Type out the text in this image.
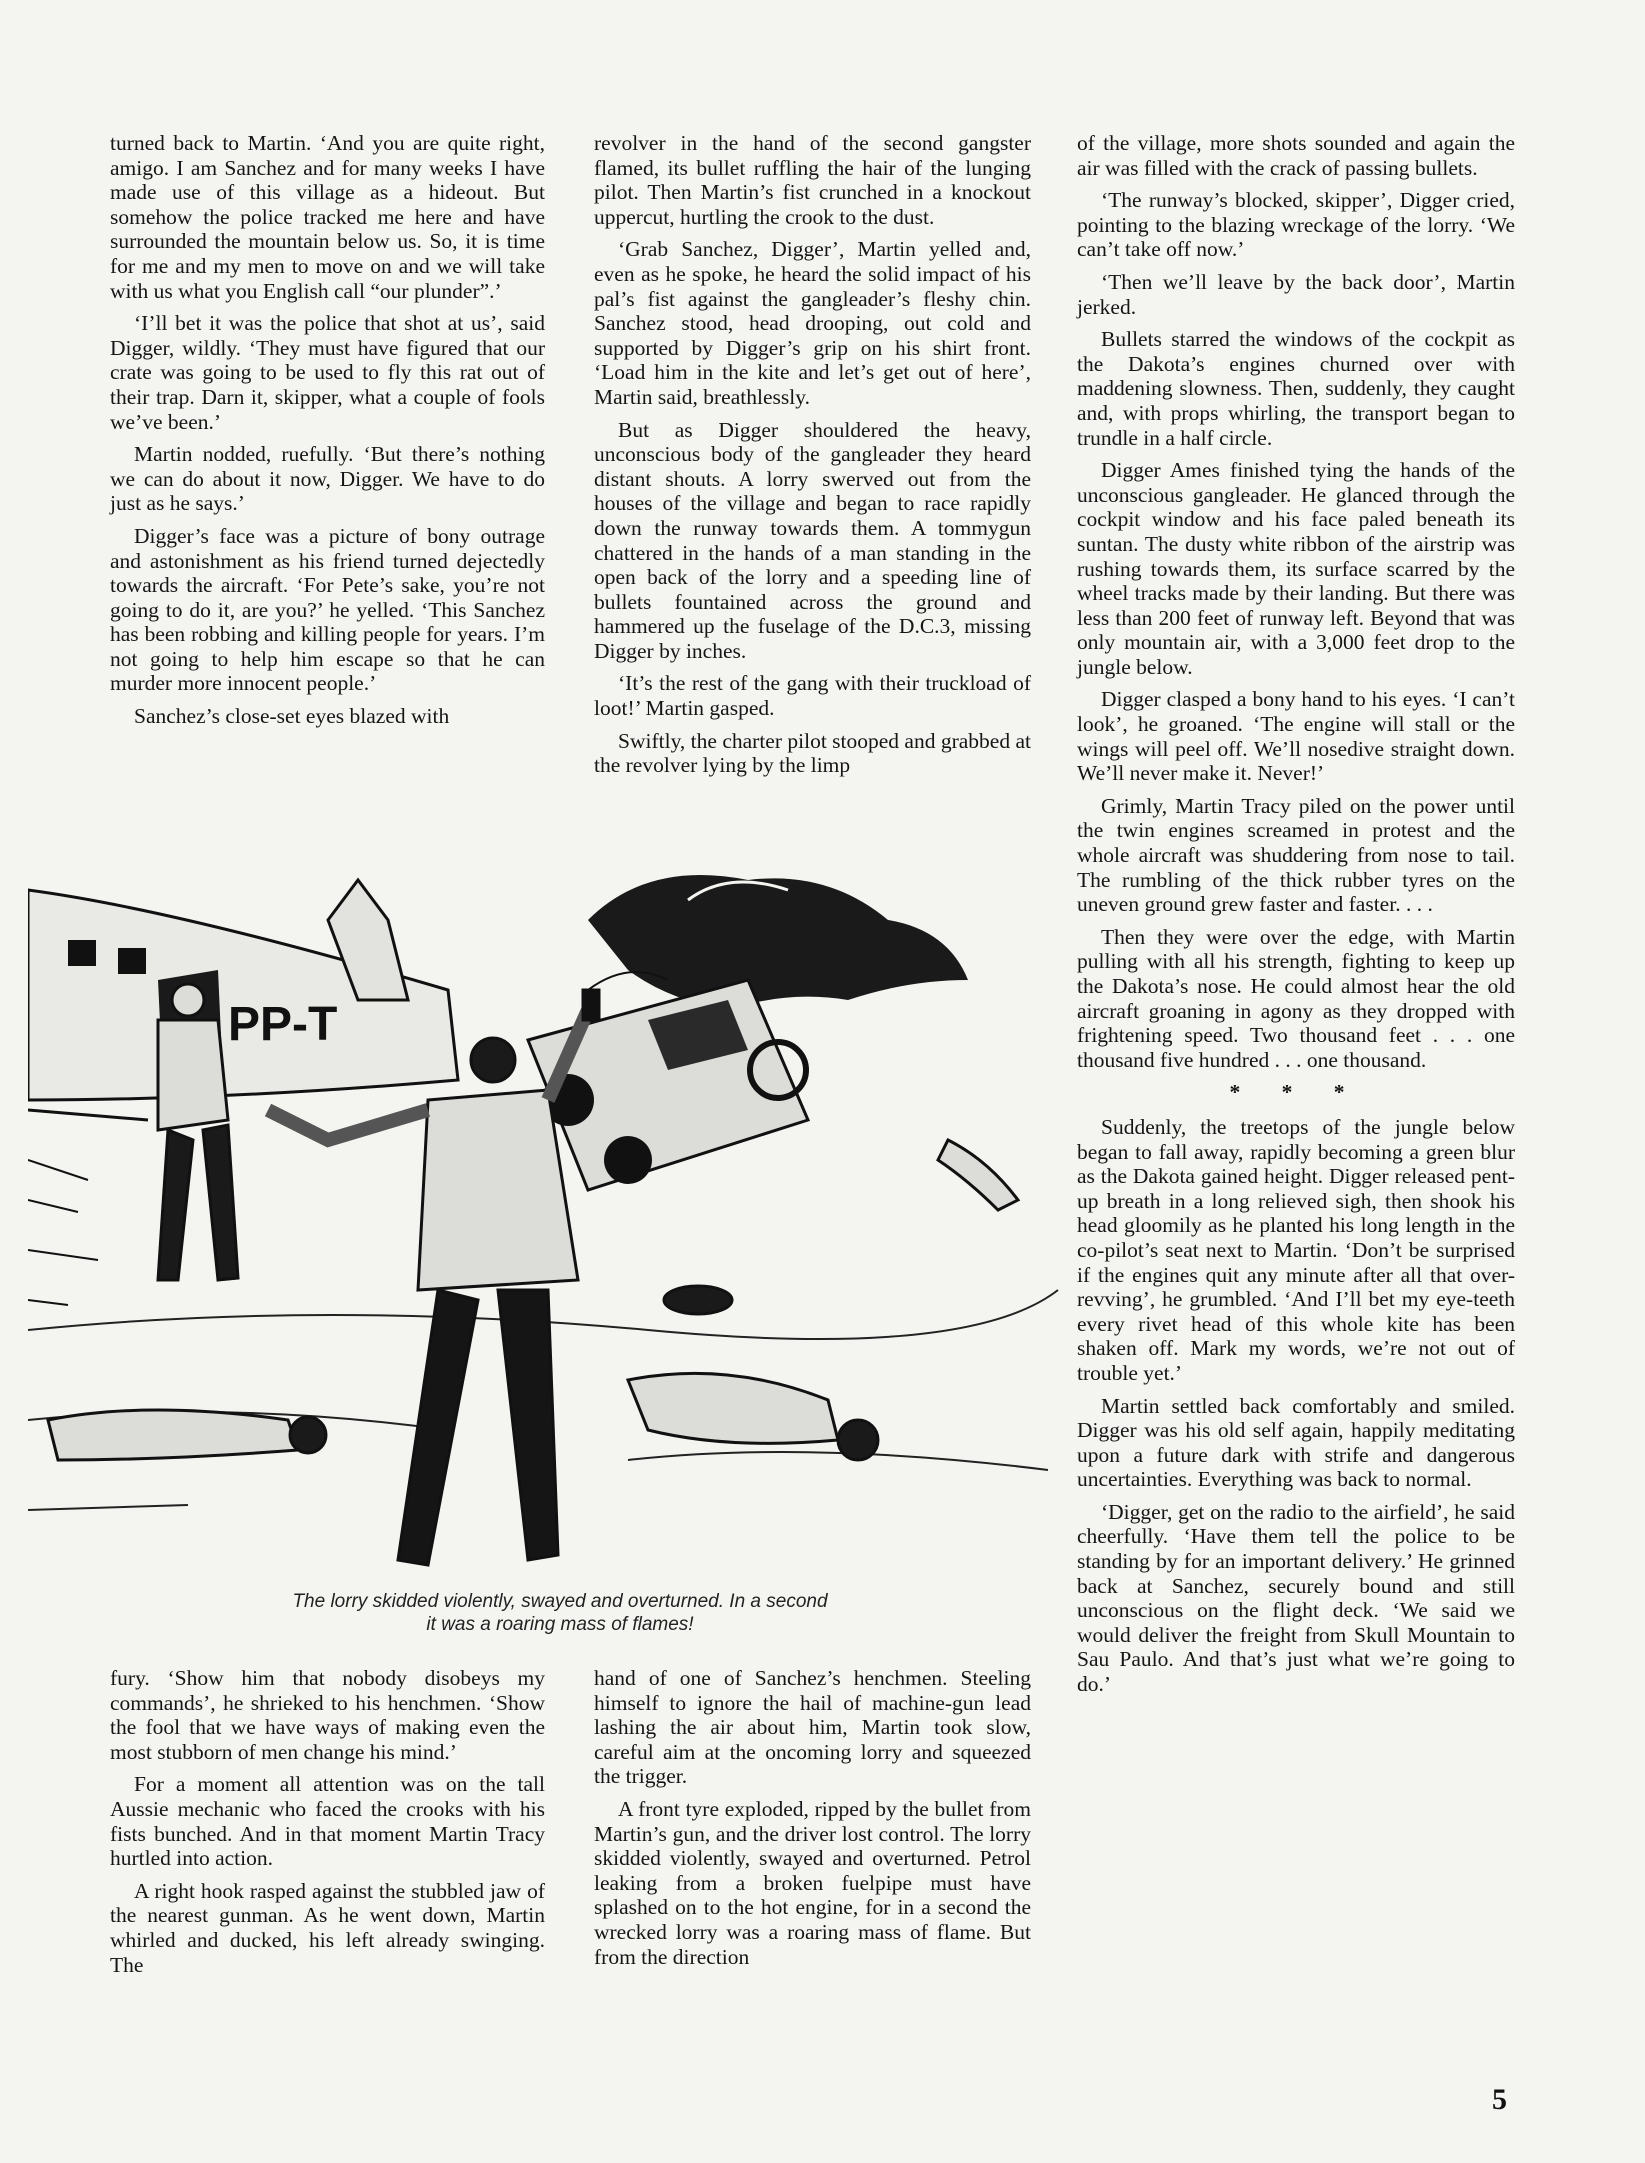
turned back to Martin. ‘And you are quite right, amigo. I am Sanchez and for many weeks I have made use of this village as a hideout. But somehow the police tracked me here and have surrounded the mountain below us. So, it is time for me and my men to move on and we will take with us what you English call “our plunder”.’

‘I’ll bet it was the police that shot at us’, said Digger, wildly. ‘They must have figured that our crate was going to be used to fly this rat out of their trap. Darn it, skipper, what a couple of fools we’ve been.’

Martin nodded, ruefully. ‘But there’s nothing we can do about it now, Digger. We have to do just as he says.’

Digger’s face was a picture of bony outrage and astonishment as his friend turned dejectedly towards the aircraft. ‘For Pete’s sake, you’re not going to do it, are you?’ he yelled. ‘This Sanchez has been robbing and killing people for years. I’m not going to help him escape so that he can murder more innocent people.’

Sanchez’s close-set eyes blazed with

revolver in the hand of the second gangster flamed, its bullet ruffling the hair of the lunging pilot. Then Martin’s fist crunched in a knockout uppercut, hurtling the crook to the dust.

‘Grab Sanchez, Digger’, Martin yelled and, even as he spoke, he heard the solid impact of his pal’s fist against the gangleader’s fleshy chin. Sanchez stood, head drooping, out cold and supported by Digger’s grip on his shirt front. ‘Load him in the kite and let’s get out of here’, Martin said, breathlessly.

But as Digger shouldered the heavy, unconscious body of the gangleader they heard distant shouts. A lorry swerved out from the houses of the village and began to race rapidly down the runway towards them. A tommygun chattered in the hands of a man standing in the open back of the lorry and a speeding line of bullets fountained across the ground and hammered up the fuselage of the D.C.3, missing Digger by inches.

‘It’s the rest of the gang with their truckload of loot!’ Martin gasped.

Swiftly, the charter pilot stooped and grabbed at the revolver lying by the limp

of the village, more shots sounded and again the air was filled with the crack of passing bullets.

‘The runway’s blocked, skipper’, Digger cried, pointing to the blazing wreckage of the lorry. ‘We can’t take off now.’

‘Then we’ll leave by the back door’, Martin jerked.

Bullets starred the windows of the cockpit as the Dakota’s engines churned over with maddening slowness. Then, suddenly, they caught and, with props whirling, the transport began to trundle in a half circle.

Digger Ames finished tying the hands of the unconscious gangleader. He glanced through the cockpit window and his face paled beneath its suntan. The dusty white ribbon of the airstrip was rushing towards them, its surface scarred by the wheel tracks made by their landing. But there was less than 200 feet of runway left. Beyond that was only mountain air, with a 3,000 feet drop to the jungle below.

Digger clasped a bony hand to his eyes. ‘I can’t look’, he groaned. ‘The engine will stall or the wings will peel off. We’ll nosedive straight down. We’ll never make it. Never!’

Grimly, Martin Tracy piled on the power until the twin engines screamed in protest and the whole aircraft was shuddering from nose to tail. The rumbling of the thick rubber tyres on the uneven ground grew faster and faster. . . .

Then they were over the edge, with Martin pulling with all his strength, fighting to keep up the Dakota’s nose. He could almost hear the old aircraft groaning in agony as they dropped with frightening speed. Two thousand feet . . . one thousand five hundred . . . one thousand.

* * *

Suddenly, the treetops of the jungle below began to fall away, rapidly becoming a green blur as the Dakota gained height. Digger released pent-up breath in a long relieved sigh, then shook his head gloomily as he planted his long length in the co-pilot’s seat next to Martin. ‘Don’t be surprised if the engines quit any minute after all that over-revving’, he grumbled. ‘And I’ll bet my eye-teeth every rivet head of this whole kite has been shaken off. Mark my words, we’re not out of trouble yet.’

Martin settled back comfortably and smiled. Digger was his old self again, happily meditating upon a future dark with strife and dangerous uncertainties. Everything was back to normal.

‘Digger, get on the radio to the airfield’, he said cheerfully. ‘Have them tell the police to be standing by for an important delivery.’ He grinned back at Sanchez, securely bound and still unconscious on the flight deck. ‘We said we would deliver the freight from Skull Mountain to Sau Paulo. And that’s just what we’re going to do.’

PP-T
The lorry skidded violently, swayed and overturned. In a second
it was a roaring mass of flames!

fury. ‘Show him that nobody disobeys my commands’, he shrieked to his henchmen. ‘Show the fool that we have ways of making even the most stubborn of men change his mind.’

For a moment all attention was on the tall Aussie mechanic who faced the crooks with his fists bunched. And in that moment Martin Tracy hurtled into action.

A right hook rasped against the stubbled jaw of the nearest gunman. As he went down, Martin whirled and ducked, his left already swinging. The

hand of one of Sanchez’s henchmen. Steeling himself to ignore the hail of machine-gun lead lashing the air about him, Martin took slow, careful aim at the oncoming lorry and squeezed the trigger.

A front tyre exploded, ripped by the bullet from Martin’s gun, and the driver lost control. The lorry skidded violently, swayed and overturned. Petrol leaking from a broken fuelpipe must have splashed on to the hot engine, for in a second the wrecked lorry was a roaring mass of flame. But from the direction

5
